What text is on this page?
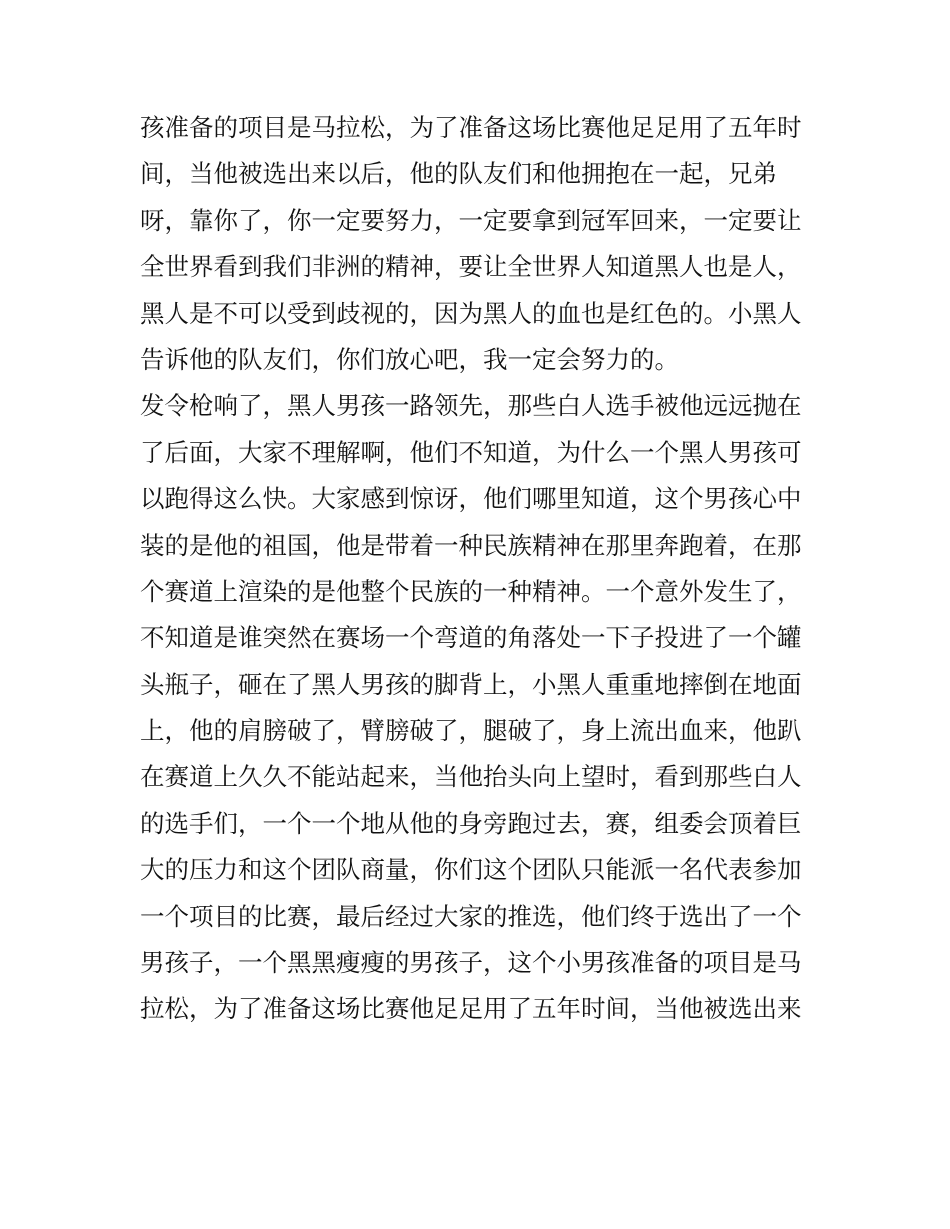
孩准备的项目是马拉松，为了准备这场比赛他足足用了五年时
间，当他被选出来以后，他的队友们和他拥抱在一起，兄弟
呀，靠你了，你一定要努力，一定要拿到冠军回来，一定要让
全世界看到我们非洲的精神，要让全世界人知道黑人也是人，
黑人是不可以受到歧视的，因为黑人的血也是红色的。小黑人
告诉他的队友们，你们放心吧，我一定会努力的。
发令枪响了，黑人男孩一路领先，那些白人选手被他远远抛在
了后面，大家不理解啊，他们不知道，为什么一个黑人男孩可
以跑得这么快。大家感到惊讶，他们哪里知道，这个男孩心中
装的是他的祖国，他是带着一种民族精神在那里奔跑着，在那
个赛道上渲染的是他整个民族的一种精神。一个意外发生了，
不知道是谁突然在赛场一个弯道的角落处一下子投进了一个罐
头瓶子，砸在了黑人男孩的脚背上，小黑人重重地摔倒在地面
上，他的肩膀破了，臂膀破了，腿破了，身上流出血来，他趴
在赛道上久久不能站起来，当他抬头向上望时，看到那些白人
的选手们，一个一个地从他的身旁跑过去，赛，组委会顶着巨
大的压力和这个团队商量，你们这个团队只能派一名代表参加
一个项目的比赛，最后经过大家的推选，他们终于选出了一个
男孩子，一个黑黑瘦瘦的男孩子，这个小男孩准备的项目是马
拉松，为了准备这场比赛他足足用了五年时间，当他被选出来
